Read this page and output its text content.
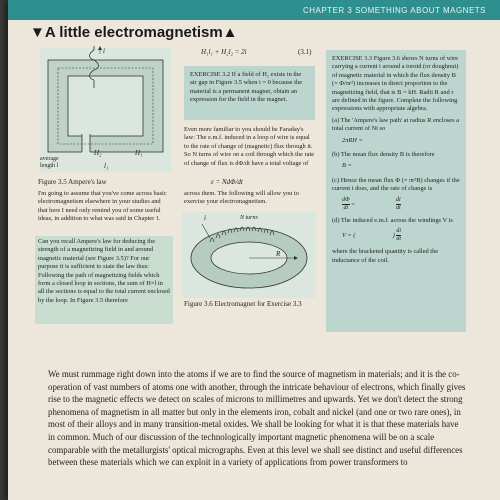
CHAPTER 3 SOMETHING ABOUT MAGNETS
▼A little electromagnetism▲
i
H₂	H₁
l₁
average
length l
Figure 3.5 Ampere's law

I'm going to assume that you've come across basic electromagnetism elsewhere in your studies and that here I need only remind you of some useful ideas, in addition to what was said in Chapter 1.

Can you recall Ampere's law for deducing the strength of a magnetizing field in and around magnetic material (see Figure 3.5)? For our purpose it is sufficient to state the law thus: Following the path of magnetizing fields which form a closed loop in sections, the sum of H×l in all the sections is equal to the total current enclosed by the loop. In Figure 3.5 therefore

H₁l₁ + H₂l₂ = 2i	(3.1)

EXERCISE 3.2 If a field of H₂ exists in the air gap in Figure 3.5 when i = 0 because the material is a permanent magnet, obtain an expression for the field in the magnet.

Even more familiar to you should be Faraday's law: The e.m.f. induced in a loop of wire is equal to the rate of change of (magnetic) flux through it. So N turns of wire on a coil through which the rate of change of flux is dΦ/dt have a total voltage of

ε = NdΦ/dt

across them. The following will allow you to exercise your electromagnetism.

N turns
i
R
Figure 3.6 Electromagnet for Exercise 3.3

EXERCISE 3.3 Figure 3.6 shows N turns of wire carrying a current i around a toroid (or doughnut) of magnetic material in which the flux density B (= Φ/πr²) increases in direct proportion to the magnetizing field, that is B = kH. Radii R and r are defined in the figure. Complete the following expressions with appropriate algebra.

(a) The 'Ampere's law path' at radius R encloses a total current of Ni so

2πRH =

(b) The mean flux density B is therefore

B =

(c) Hence the mean flux Φ (= πr²B) changes if the current i does, and the rate of change is

$\frac{d\Phi}{dt}$ =	$\frac{di}{dt}$

(d) The induced e.m.f. across the windings V is

V = (	) $\frac{di}{dt}$

where the bracketed quantity is called the inductance of the coil.

We must rummage right down into the atoms if we are to find the source of magnetism in materials; and it is the co-operation of vast numbers of atoms one with another, through the intricate behaviour of electrons, which finally gives rise to the magnetic effects we detect on scales of microns to millimetres and upwards. Yet we don't detect the strong phenomena of magnetism in all matter but only in the elements iron, cobalt and nickel (and one or two rare ones), in most of their alloys and in many transition-metal oxides. We shall be looking for what it is that these materials have in common. Much of our discussion of the technologically important magnetic phenomena will be on a scale comparable with the metallurgists' optical micrographs. Even at this level we shall see distinct and useful differences between these materials which we can exploit in a variety of applications from power transformers to
